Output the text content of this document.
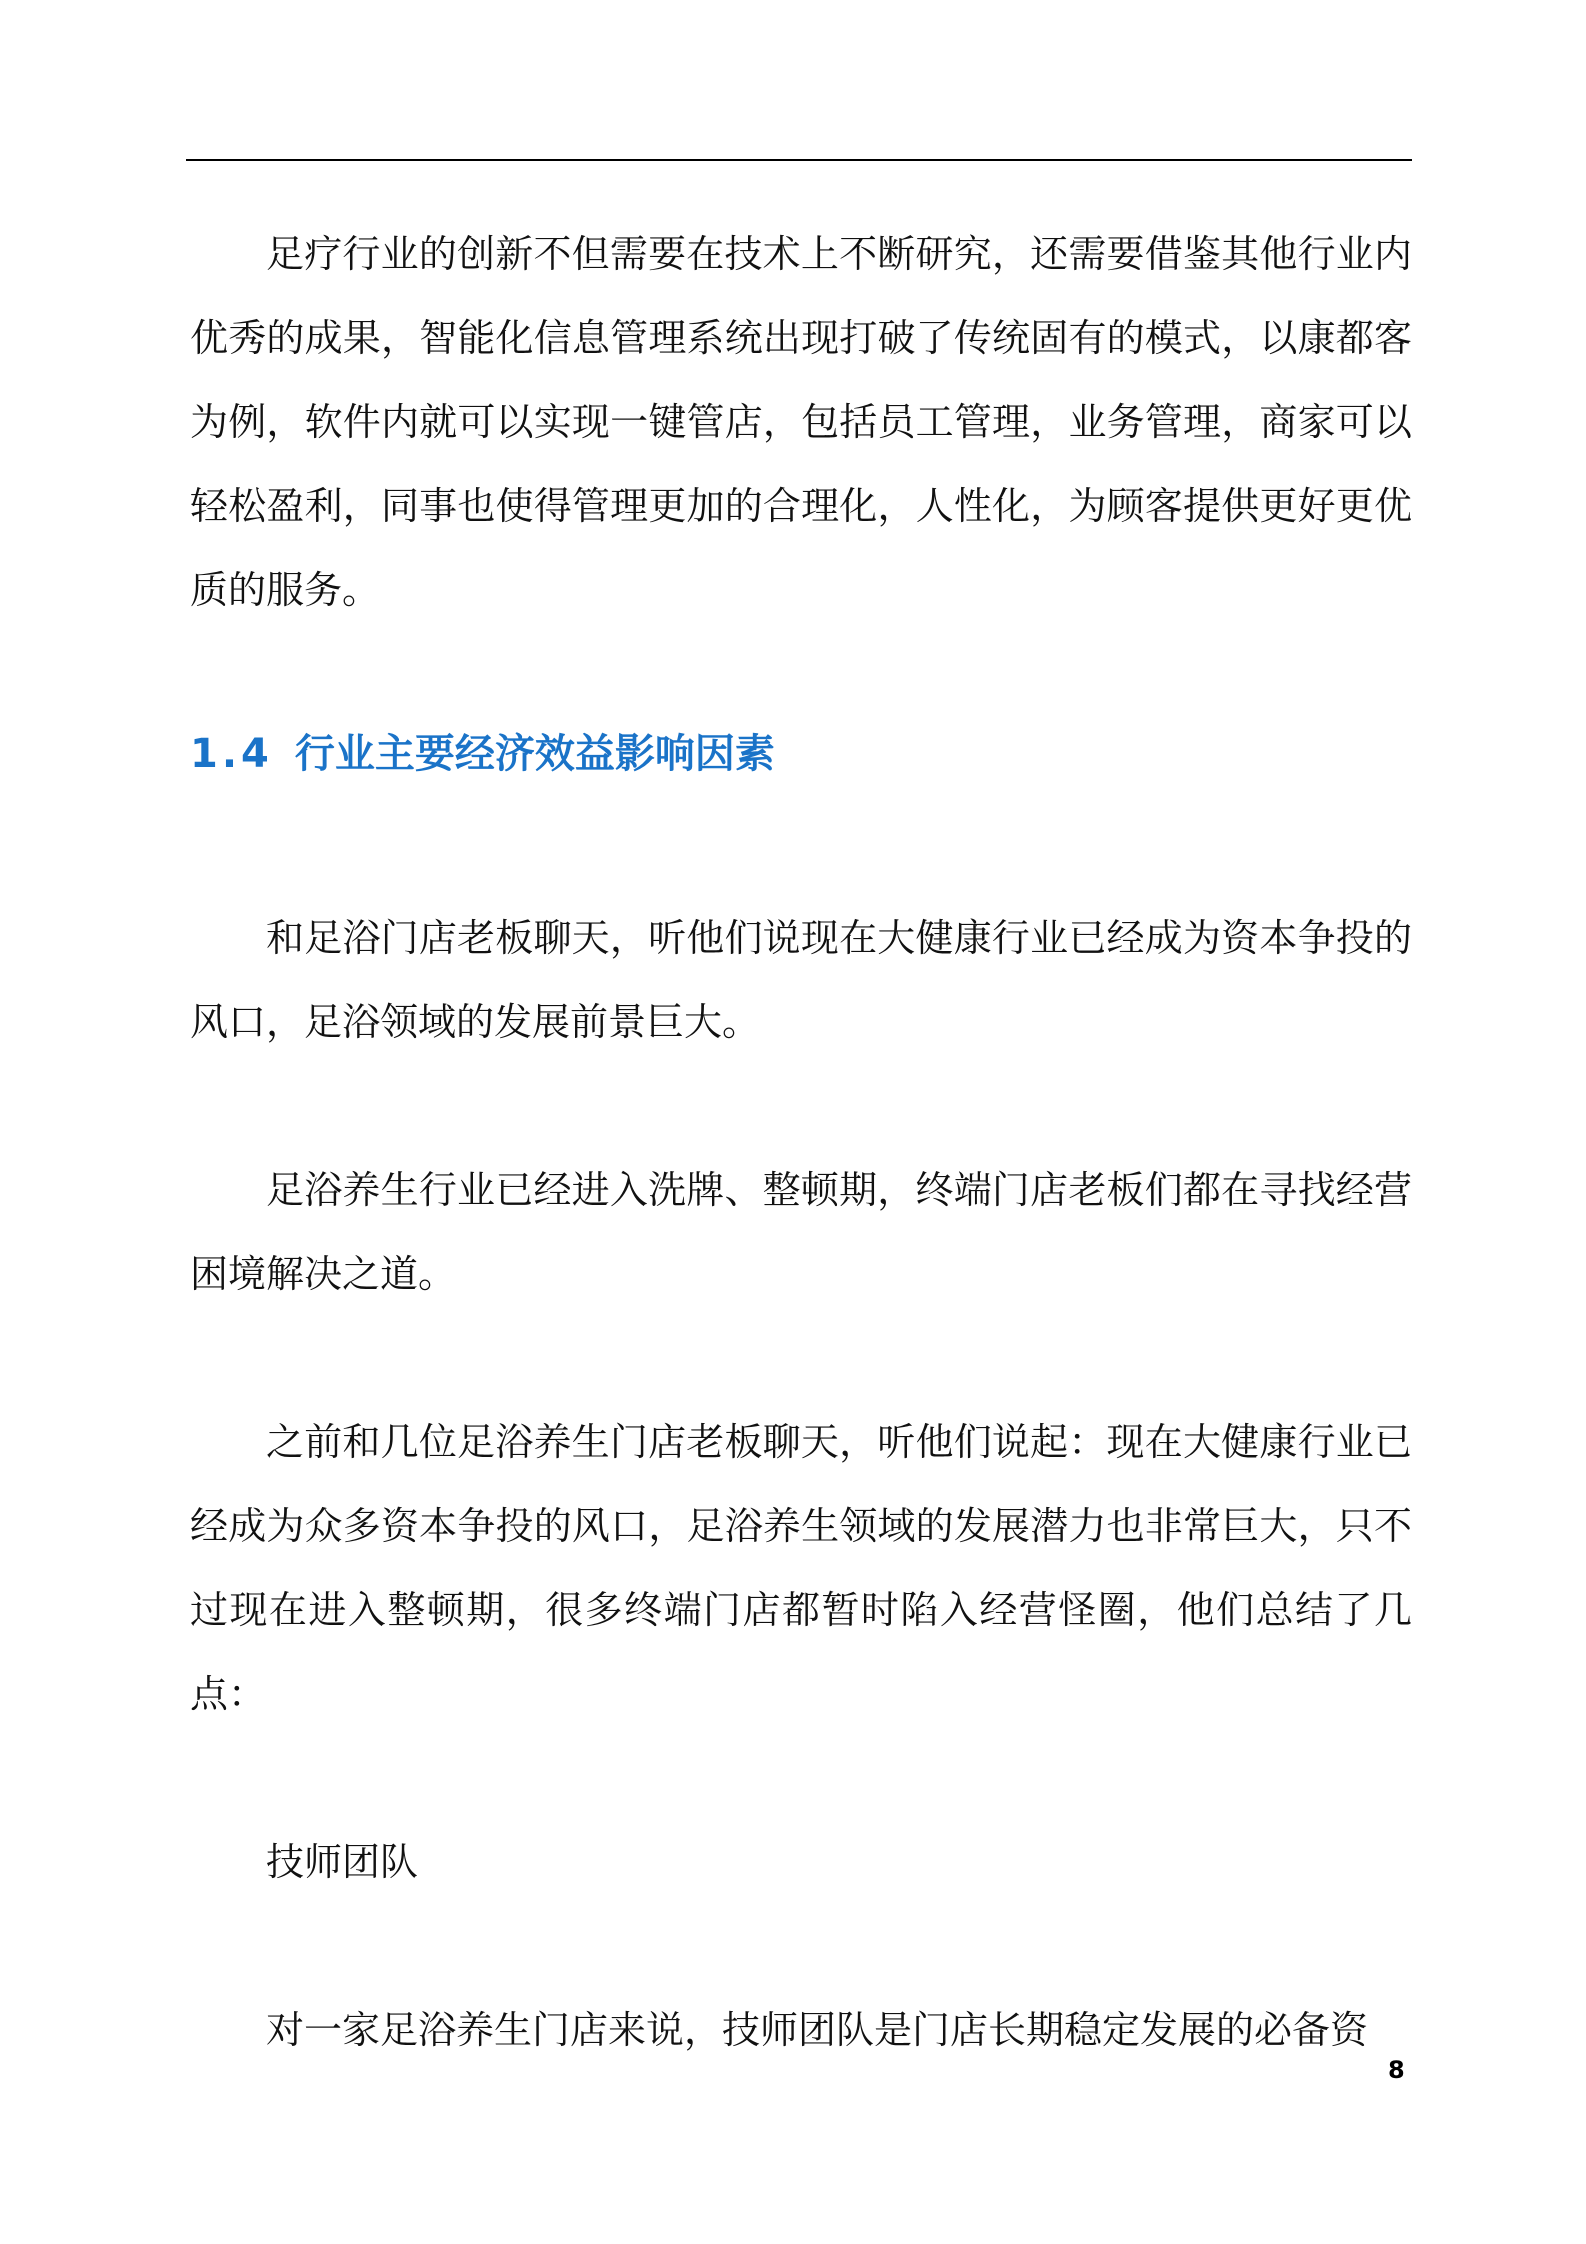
足疗行业的创新不但需要在技术上不断研究，还需要借鉴其他行业内优秀的成果，智能化信息管理系统出现打破了传统固有的模式，以康都客为例，软件内就可以实现一键管店，包括员工管理，业务管理，商家可以轻松盈利，同事也使得管理更加的合理化，人性化，为顾客提供更好更优质的服务。

1.4 行业主要经济效益影响因素

和足浴门店老板聊天，听他们说现在大健康行业已经成为资本争投的风口，足浴领域的发展前景巨大。

足浴养生行业已经进入洗牌、整顿期，终端门店老板们都在寻找经营困境解决之道。

之前和几位足浴养生门店老板聊天，听他们说起：现在大健康行业已经成为众多资本争投的风口，足浴养生领域的发展潜力也非常巨大，只不过现在进入整顿期，很多终端门店都暂时陷入经营怪圈，他们总结了几点：

技师团队

对一家足浴养生门店来说，技师团队是门店长期稳定发展的必备资

8
